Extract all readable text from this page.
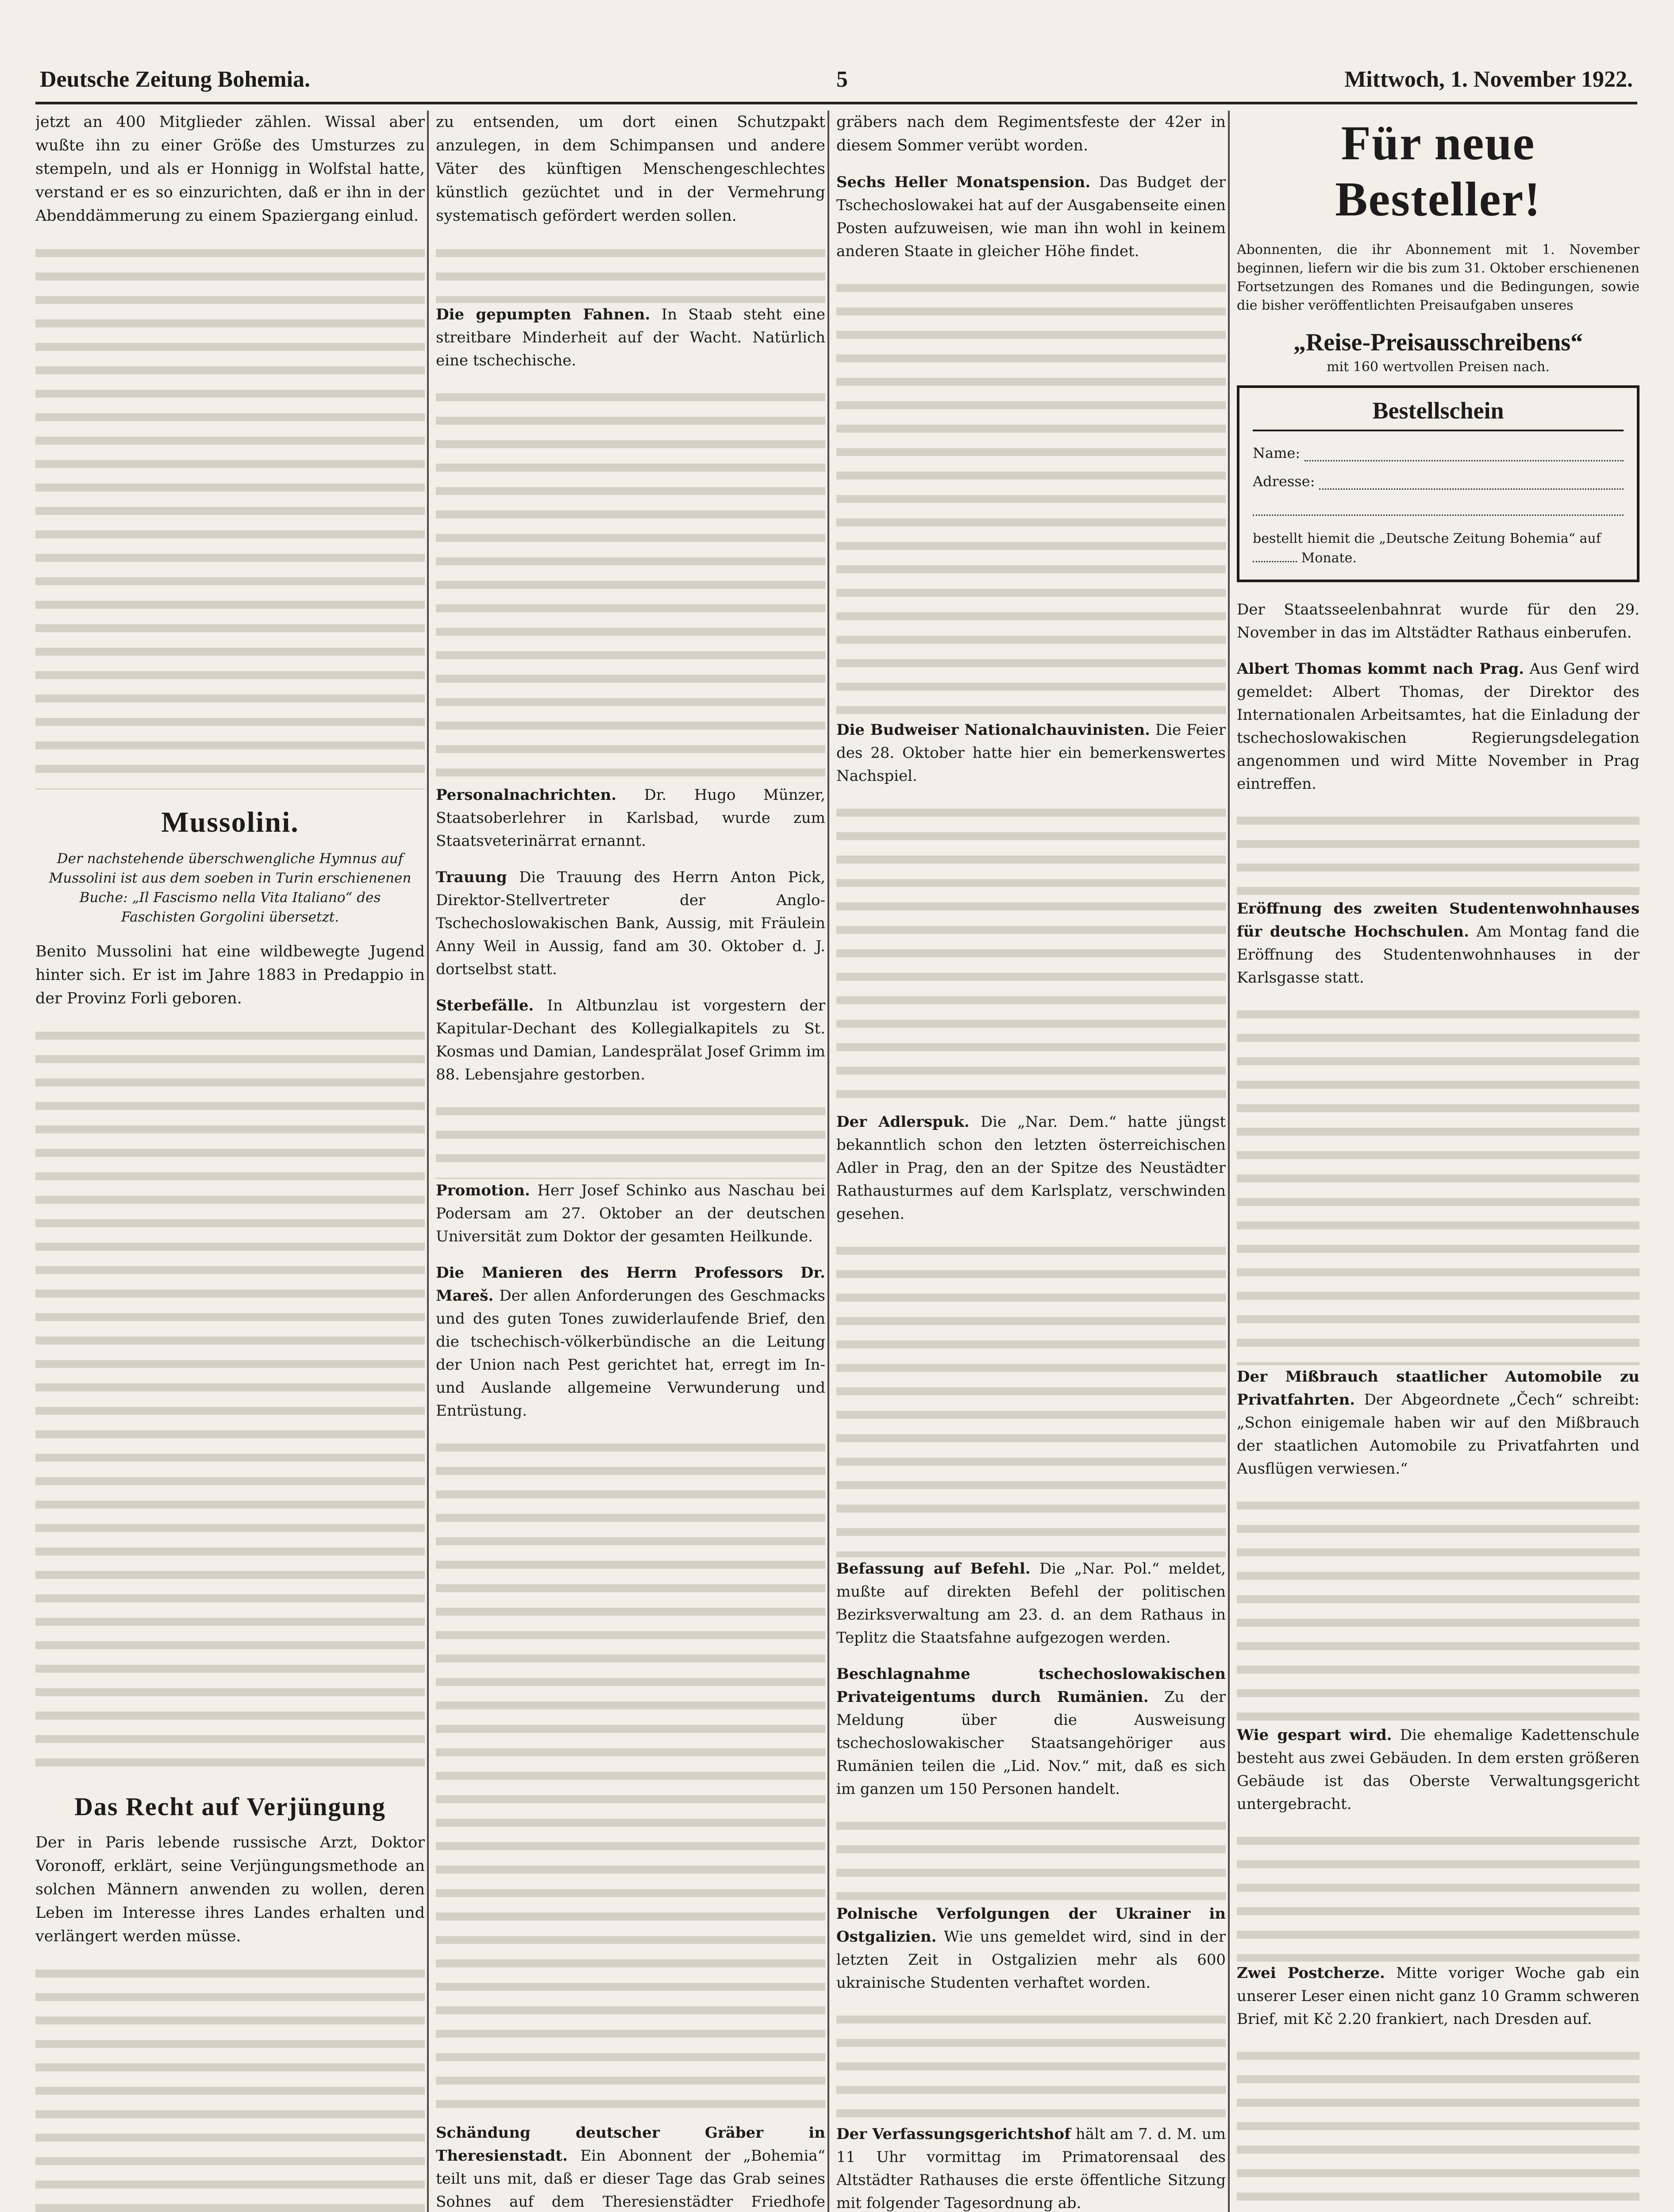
Deutsche Zeitung Bohemia.	5	Mittwoch, 1. November 1922.

jetzt an 400 Mitglieder zählen. Wissal aber wußte ihn zu einer Größe des Umsturzes zu stempeln, und als er Honnigg in Wolfstal hatte, verstand er es so einzurichten, daß er ihn in der Abenddämmerung zu einem Spaziergang einlud.

Mussolini.
Der nachstehende überschwengliche Hymnus auf Mussolini ist aus dem soeben in Turin erschienenen Buche: „Il Fascismo nella Vita Italiano“ des Faschisten Gorgolini übersetzt.

Benito Mussolini hat eine wildbewegte Jugend hinter sich. Er ist im Jahre 1883 in Predappio in der Provinz Forli geboren.

Das Recht auf Verjüngung

Der in Paris lebende russische Arzt, Doktor Voronoff, erklärt, seine Verjüngungsmethode an solchen Männern anwenden zu wollen, deren Leben im Interesse ihres Landes erhalten und verlängert werden müsse.

zu entsenden, um dort einen Schutzpakt anzulegen, in dem Schimpansen und andere Väter des künftigen Menschengeschlechtes künstlich gezüchtet und in der Vermehrung systematisch gefördert werden sollen.

Die gepumpten Fahnen. In Staab steht eine streitbare Minderheit auf der Wacht. Natürlich eine tschechische.

Personalnachrichten. Dr. Hugo Münzer, Staatsoberlehrer in Karlsbad, wurde zum Staatsveterinärrat ernannt.

Trauung Die Trauung des Herrn Anton Pick, Direktor-Stellvertreter der Anglo-Tschechoslowakischen Bank, Aussig, mit Fräulein Anny Weil in Aussig, fand am 30. Oktober d. J. dortselbst statt.

Sterbefälle. In Altbunzlau ist vorgestern der Kapitular-Dechant des Kollegialkapitels zu St. Kosmas und Damian, Landesprälat Josef Grimm im 88. Lebensjahre gestorben.

Promotion. Herr Josef Schinko aus Naschau bei Podersam am 27. Oktober an der deutschen Universität zum Doktor der gesamten Heilkunde.

Die Manieren des Herrn Professors Dr. Mareš. Der allen Anforderungen des Geschmacks und des guten Tones zuwiderlaufende Brief, den die tschechisch-völkerbündische an die Leitung der Union nach Pest gerichtet hat, erregt im In- und Auslande allgemeine Verwunderung und Entrüstung.

Schändung deutscher Gräber in Theresienstadt. Ein Abonnent der „Bohemia“ teilt uns mit, daß er dieser Tage das Grab seines Sohnes auf dem Theresienstädter Friedhofe

gräbers nach dem Regimentsfeste der 42er in diesem Sommer verübt worden.

Sechs Heller Monatspension. Das Budget der Tschechoslowakei hat auf der Ausgabenseite einen Posten aufzuweisen, wie man ihn wohl in keinem anderen Staate in gleicher Höhe findet.

Die Budweiser Nationalchauvinisten. Die Feier des 28. Oktober hatte hier ein bemerkenswertes Nachspiel.

Der Adlerspuk. Die „Nar. Dem.“ hatte jüngst bekanntlich schon den letzten österreichischen Adler in Prag, den an der Spitze des Neustädter Rathausturmes auf dem Karlsplatz, verschwinden gesehen.

Befassung auf Befehl. Die „Nar. Pol.“ meldet, mußte auf direkten Befehl der politischen Bezirksverwaltung am 23. d. an dem Rathaus in Teplitz die Staatsfahne aufgezogen werden.

Beschlagnahme tschechoslowakischen Privateigentums durch Rumänien. Zu der Meldung über die Ausweisung tschechoslowakischer Staatsangehöriger aus Rumänien teilen die „Lid. Nov.“ mit, daß es sich im ganzen um 150 Personen handelt.

Polnische Verfolgungen der Ukrainer in Ostgalizien. Wie uns gemeldet wird, sind in der letzten Zeit in Ostgalizien mehr als 600 ukrainische Studenten verhaftet worden.

Der Verfassungsgerichtshof hält am 7. d. M. um 11 Uhr vormittag im Primatorensaal des Altstädter Rathauses die erste öffentliche Sitzung mit folgender Tagesordnung ab.

Für neue Besteller!

Abonnenten, die ihr Abonnement mit 1. November beginnen, liefern wir die bis zum 31. Oktober erschienenen Fortsetzungen des Romanes und die Bedingungen, sowie die bisher veröffentlichten Preisaufgaben unseres

„Reise-Preisausschreibens“
mit 160 wertvollen Preisen nach.
Bestellschein
Name:
Adresse:
bestellt hiemit die „Deutsche Zeitung Bohemia“ auf  Monate.

Der Staatsseelenbahnrat wurde für den 29. November in das im Altstädter Rathaus einberufen.

Albert Thomas kommt nach Prag. Aus Genf wird gemeldet: Albert Thomas, der Direktor des Internationalen Arbeitsamtes, hat die Einladung der tschechoslowakischen Regierungsdelegation angenommen und wird Mitte November in Prag eintreffen.

Eröffnung des zweiten Studentenwohnhauses für deutsche Hochschulen. Am Montag fand die Eröffnung des Studentenwohnhauses in der Karlsgasse statt.

Der Mißbrauch staatlicher Automobile zu Privatfahrten. Der Abgeordnete „Čech“ schreibt: „Schon einigemale haben wir auf den Mißbrauch der staatlichen Automobile zu Privatfahrten und Ausflügen verwiesen.“

Wie gespart wird. Die ehemalige Kadettenschule besteht aus zwei Gebäuden. In dem ersten größeren Gebäude ist das Oberste Verwaltungsgericht untergebracht.

Zwei Postcherze. Mitte voriger Woche gab ein unserer Leser einen nicht ganz 10 Gramm schweren Brief, mit Kč 2.20 frankiert, nach Dresden auf.
